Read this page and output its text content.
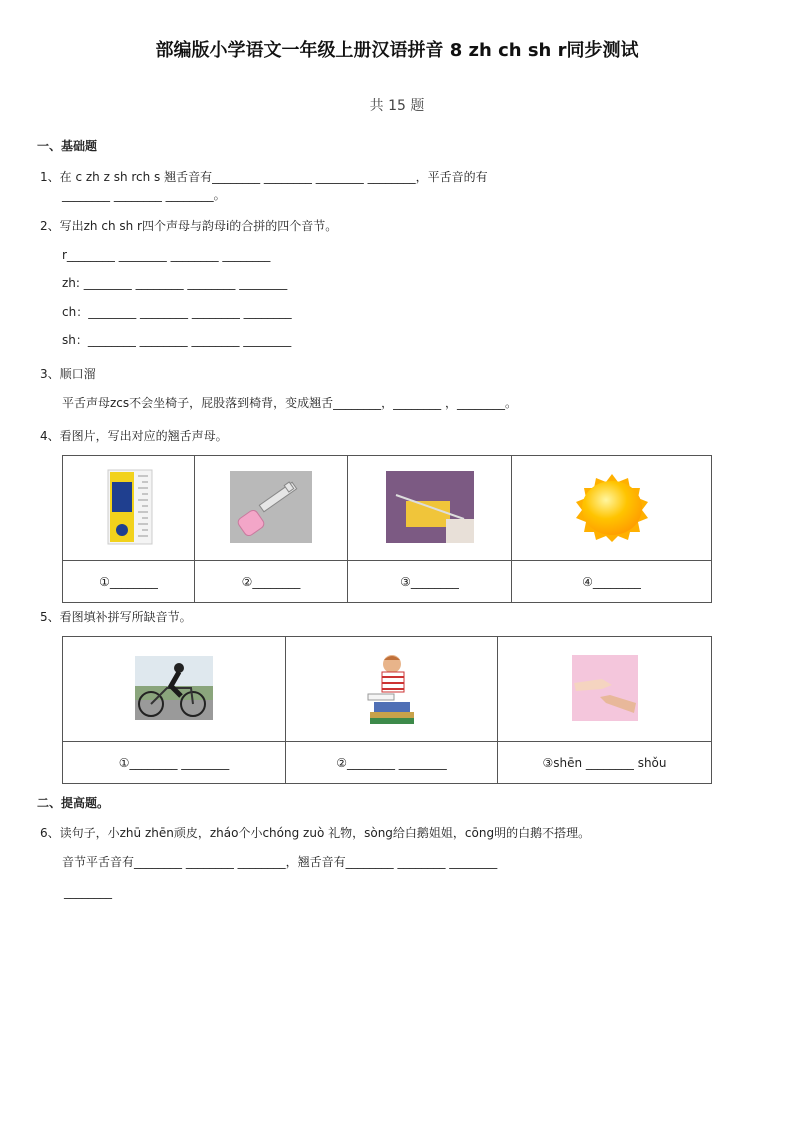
部编版小学语文一年级上册汉语拼音 8 zh ch sh r同步测试
共 15 题
一、基础题
1、在 c zh z sh rch s 翘舌音有________ ________ ________ ________，平舌音的有
________ ________ ________。
2、写出zh ch sh r四个声母与韵母i的合拼的四个音节。
r________ ________ ________ ________
zh: ________ ________ ________ ________
ch：________ ________ ________ ________
sh：________ ________ ________ ________
3、顺口溜
平舌声母zcs不会坐椅子，屁股落到椅背，变成翘舌________，________ ，________。
4、看图片，写出对应的翘舌声母。

①________	②________	③________	④________
5、看图填补拼写所缺音节。

①________ ________	②________ ________	③shēn ________ shǒu
二、提高题。
6、读句子，小zhū zhēn顽皮，zháo个小chóng zuò 礼物，sòng给白鹅姐姐，cōng明的白鹅不搭理。
音节平舌音有________ ________ ________，翘舌音有________ ________ ________
________
